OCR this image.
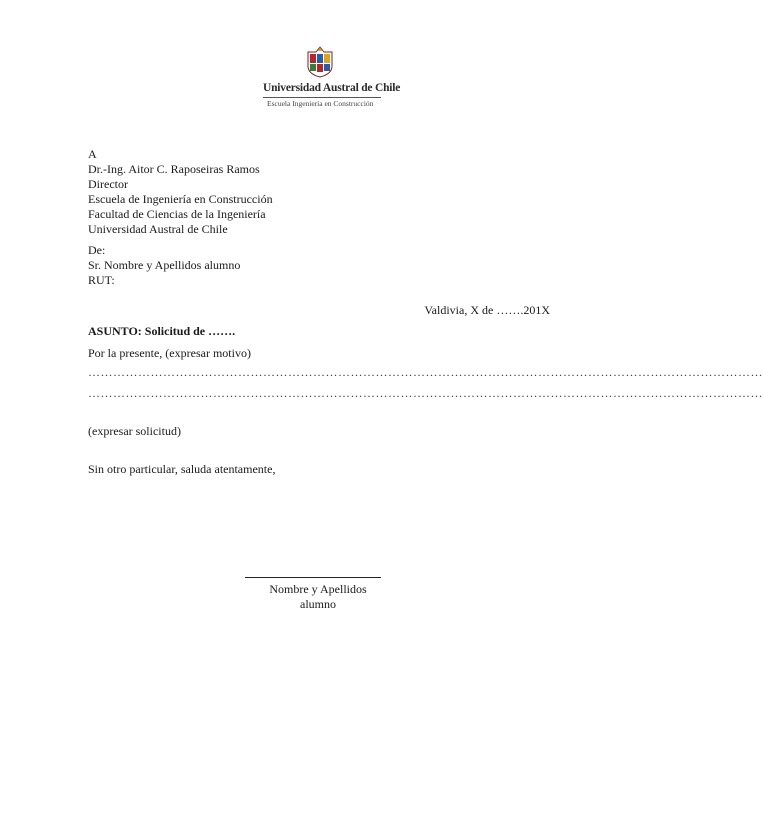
Universidad Austral de Chile
Escuela Ingeniería en Construcción
A
Dr.-Ing. Aitor C. Raposeiras Ramos
Director
Escuela de Ingeniería en Construcción
Facultad de Ciencias de la Ingeniería
Universidad Austral de Chile
De:
Sr. Nombre y Apellidos alumno
RUT:
Valdivia, X de …….201X
ASUNTO: Solicitud de …….
Por la presente, (expresar motivo)
………………………………………………………………………………………………………………………………………………
………………………………………………………………………………………………………………………………………………
(expresar solicitud)
Sin otro particular, saluda atentamente,
Nombre y Apellidos
alumno
